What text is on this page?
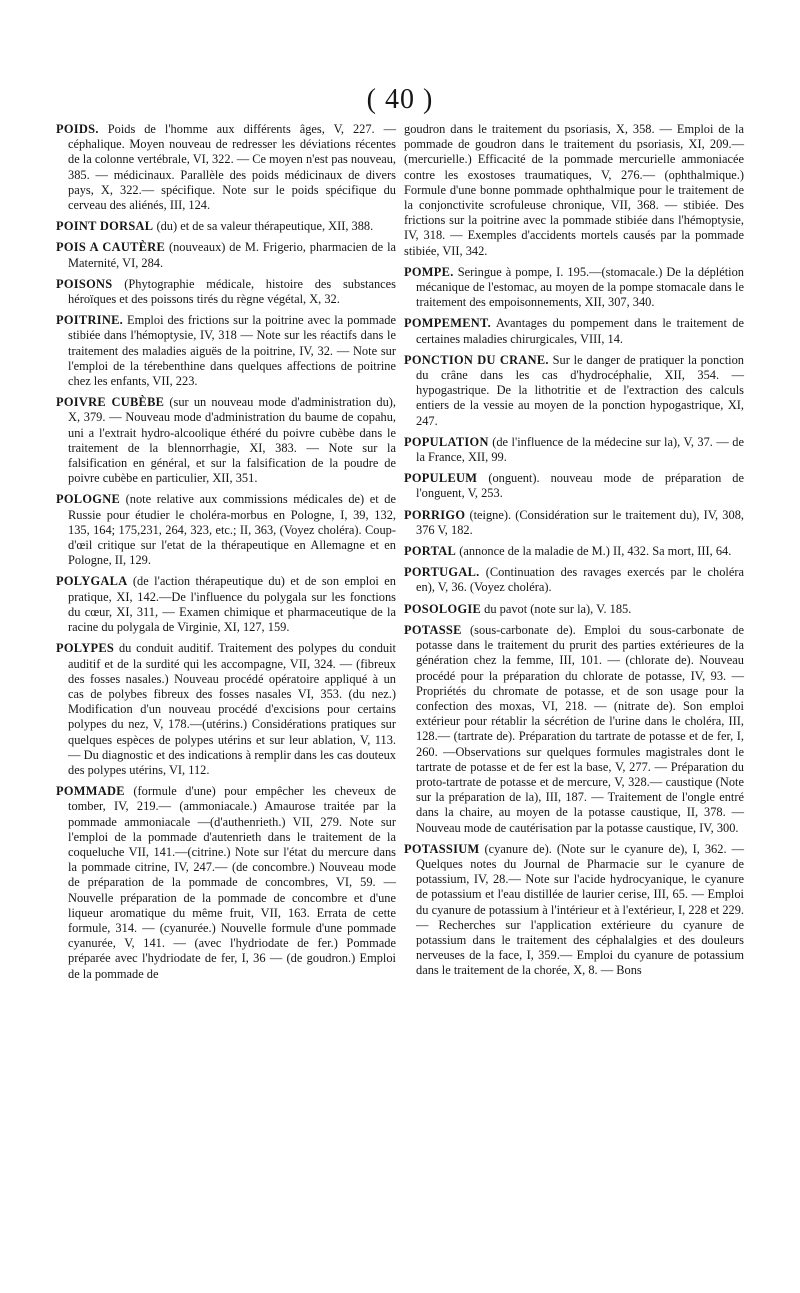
( 40 )

POIDS. Poids de l'homme aux différents âges, V, 227. — céphalique. Moyen nouveau de redresser les déviations récentes de la colonne vertébrale, VI, 322. — Ce moyen n'est pas nouveau, 385. — médicinaux. Parallèle des poids médicinaux de divers pays, X, 322.— spécifique. Note sur le poids spécifique du cerveau des aliénés, III, 124.

POINT DORSAL (du) et de sa valeur thérapeutique, XII, 388.

POIS A CAUTÈRE (nouveaux) de M. Frigerio, pharmacien de la Maternité, VI, 284.

POISONS (Phytographie médicale, histoire des substances héroïques et des poissons tirés du règne végétal, X, 32.

POITRINE. Emploi des frictions sur la poitrine avec la pommade stibiée dans l'hémoptysie, IV, 318 — Note sur les réactifs dans le traitement des maladies aiguës de la poitrine, IV, 32. — Note sur l'emploi de la térebenthine dans quelques affections de poitrine chez les enfants, VII, 223.

POIVRE CUBÈBE (sur un nouveau mode d'administration du), X, 379. — Nouveau mode d'administration du baume de copahu, uni a l'extrait hydro-alcoolique éthéré du poivre cubèbe dans le traitement de la blennorrhagie, XI, 383. — Note sur la falsification en général, et sur la falsification de la poudre de poivre cubèbe en particulier, XII, 351.

POLOGNE (note relative aux commissions médicales de) et de Russie pour étudier le choléra-morbus en Pologne, I, 39, 132, 135, 164; 175,231, 264, 323, etc.; II, 363, (Voyez choléra). Coup-d'œil critique sur l'etat de la thérapeutique en Allemagne et en Pologne, II, 129.

POLYGALA (de l'action thérapeutique du) et de son emploi en pratique, XI, 142.—De l'influence du polygala sur les fonctions du cœur, XI, 311, — Examen chimique et pharmaceutique de la racine du polygala de Virginie, XI, 127, 159.

POLYPES du conduit auditif. Traitement des polypes du conduit auditif et de la surdité qui les accompagne, VII, 324. — (fibreux des fosses nasales.) Nouveau procédé opératoire appliqué à un cas de polybes fibreux des fosses nasales VI, 353. (du nez.) Modification d'un nouveau procédé d'excisions pour certains polypes du nez, V, 178.—(utérins.) Considérations pratiques sur quelques espèces de polypes utérins et sur leur ablation, V, 113. — Du diagnostic et des indications à remplir dans les cas douteux des polypes utérins, VI, 112.

POMMADE (formule d'une) pour empêcher les cheveux de tomber, IV, 219.— (ammoniacale.) Amaurose traitée par la pommade ammoniacale —(d'authenrieth.) VII, 279. Note sur l'emploi de la pommade d'autenrieth dans le traitement de la coqueluche VII, 141.—(citrine.) Note sur l'état du mercure dans la pommade citrine, IV, 247.— (de concombre.) Nouveau mode de préparation de la pommade de concombres, VI, 59. — Nouvelle préparation de la pommade de concombre et d'une liqueur aromatique du même fruit, VII, 163. Errata de cette formule, 314. — (cyanurée.) Nouvelle formule d'une pommade cyanurée, V, 141. — (avec l'hydriodate de fer.) Pommade préparée avec l'hydriodate de fer, I, 36 — (de goudron.) Emploi de la pommade de

goudron dans le traitement du psoriasis, X, 358. — Emploi de la pommade de goudron dans le traitement du psoriasis, XI, 209.—(mercurielle.) Efficacité de la pommade mercurielle ammoniacée contre les exostoses traumatiques, V, 276.— (ophthalmique.) Formule d'une bonne pommade ophthalmique pour le traitement de la conjonctivite scrofuleuse chronique, VII, 368. — stibiée. Des frictions sur la poitrine avec la pommade stibiée dans l'hémoptysie, IV, 318. — Exemples d'accidents mortels causés par la pommade stibiée, VII, 342.

POMPE. Seringue à pompe, I. 195.—(stomacale.) De la déplétion mécanique de l'estomac, au moyen de la pompe stomacale dans le traitement des empoisonnements, XII, 307, 340.

POMPEMENT. Avantages du pompement dans le traitement de certaines maladies chirurgicales, VIII, 14.

PONCTION DU CRANE. Sur le danger de pratiquer la ponction du crâne dans les cas d'hydrocéphalie, XII, 354. — hypogastrique. De la lithotritie et de l'extraction des calculs entiers de la vessie au moyen de la ponction hypogastrique, XI, 247.

POPULATION (de l'influence de la médecine sur la), V, 37. — de la France, XII, 99.

POPULEUM (onguent). nouveau mode de préparation de l'onguent, V, 253.

PORRIGO (teigne). (Considération sur le traitement du), IV, 308, 376 V, 182.

PORTAL (annonce de la maladie de M.) II, 432. Sa mort, III, 64.

PORTUGAL. (Continuation des ravages exercés par le choléra en), V, 36. (Voyez choléra).

POSOLOGIE du pavot (note sur la), V. 185.

POTASSE (sous-carbonate de). Emploi du sous-carbonate de potasse dans le traitement du prurit des parties extérieures de la génération chez la femme, III, 101. — (chlorate de). Nouveau procédé pour la préparation du chlorate de potasse, IV, 93. — Propriétés du chromate de potasse, et de son usage pour la confection des moxas, VI, 218. — (nitrate de). Son emploi extérieur pour rétablir la sécrétion de l'urine dans le choléra, III, 128.— (tartrate de). Préparation du tartrate de potasse et de fer, I, 260. —Observations sur quelques formules magistrales dont le tartrate de potasse et de fer est la base, V, 277. — Préparation du proto-tartrate de potasse et de mercure, V, 328.— caustique (Note sur la préparation de la), III, 187. — Traitement de l'ongle entré dans la chaire, au moyen de la potasse caustique, II, 378. — Nouveau mode de cautérisation par la potasse caustique, IV, 300.

POTASSIUM (cyanure de). (Note sur le cyanure de), I, 362. — Quelques notes du Journal de Pharmacie sur le cyanure de potassium, IV, 28.— Note sur l'acide hydrocyanique, le cyanure de potassium et l'eau distillée de laurier cerise, III, 65. — Emploi du cyanure de potassium à l'intérieur et à l'extérieur, I, 228 et 229. — Recherches sur l'application extérieure du cyanure de potassium dans le traitement des céphalalgies et des douleurs nerveuses de la face, I, 359.— Emploi du cyanure de potassium dans le traitement de la chorée, X, 8. — Bons
